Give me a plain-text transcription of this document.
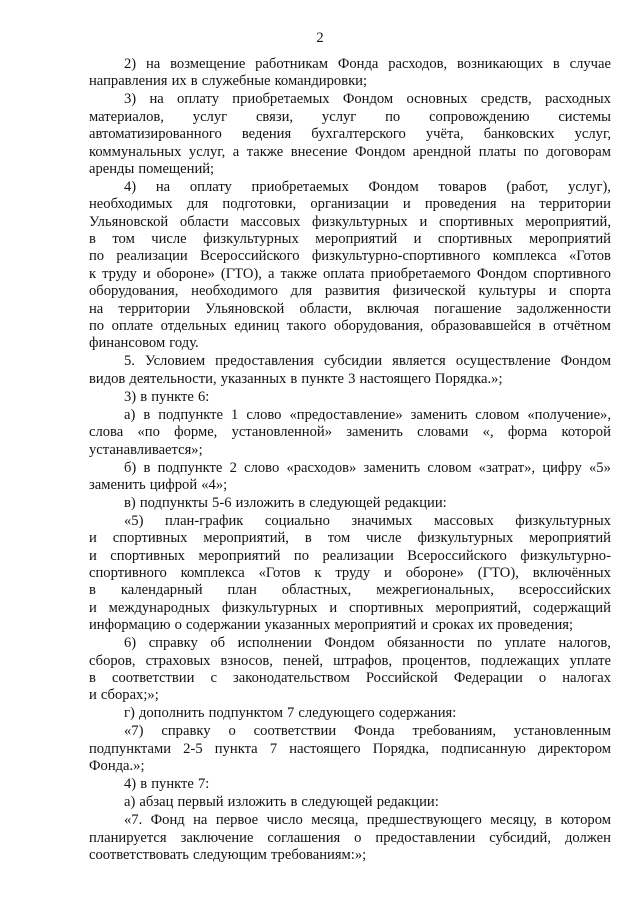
2
2) на возмещение работникам Фонда расходов, возникающих в случае
направления их в служебные командировки;
3) на оплату приобретаемых Фондом основных средств, расходных
материалов, услуг связи, услуг по сопровождению системы
автоматизированного ведения бухгалтерского учёта, банковских услуг,
коммунальных услуг, а также внесение Фондом арендной платы по договорам
аренды помещений;
4) на оплату приобретаемых Фондом товаров (работ, услуг),
необходимых для подготовки, организации и проведения на территории
Ульяновской области массовых физкультурных и спортивных мероприятий,
в том числе физкультурных мероприятий и спортивных мероприятий
по реализации Всероссийского физкультурно-спортивного комплекса «Готов
к труду и обороне» (ГТО), а также оплата приобретаемого Фондом спортивного
оборудования, необходимого для развития физической культуры и спорта
на территории Ульяновской области, включая погашение задолженности
по оплате отдельных единиц такого оборудования, образовавшейся в отчётном
финансовом году.
5. Условием предоставления субсидии является осуществление Фондом
видов деятельности, указанных в пункте 3 настоящего Порядка.»;
3) в пункте 6:
а) в подпункте 1 слово «предоставление» заменить словом «получение»,
слова «по форме, установленной» заменить словами «, форма которой
устанавливается»;
б) в подпункте 2 слово «расходов» заменить словом «затрат», цифру «5»
заменить цифрой «4»;
в) подпункты 5-6 изложить в следующей редакции:
«5) план-график социально значимых массовых физкультурных
и спортивных мероприятий, в том числе физкультурных мероприятий
и спортивных мероприятий по реализации Всероссийского физкультурно-
спортивного комплекса «Готов к труду и обороне» (ГТО), включённых
в календарный план областных, межрегиональных, всероссийских
и международных физкультурных и спортивных мероприятий, содержащий
информацию о содержании указанных мероприятий и сроках их проведения;
6) справку об исполнении Фондом обязанности по уплате налогов,
сборов, страховых взносов, пеней, штрафов, процентов, подлежащих уплате
в соответствии с законодательством Российской Федерации о налогах
и сборах;»;
г) дополнить подпунктом 7 следующего содержания:
«7) справку о соответствии Фонда требованиям, установленным
подпунктами 2-5 пункта 7 настоящего Порядка, подписанную директором
Фонда.»;
4) в пункте 7:
а) абзац первый изложить в следующей редакции:
«7. Фонд на первое число месяца, предшествующего месяцу, в котором
планируется заключение соглашения о предоставлении субсидий, должен
соответствовать следующим требованиям:»;
